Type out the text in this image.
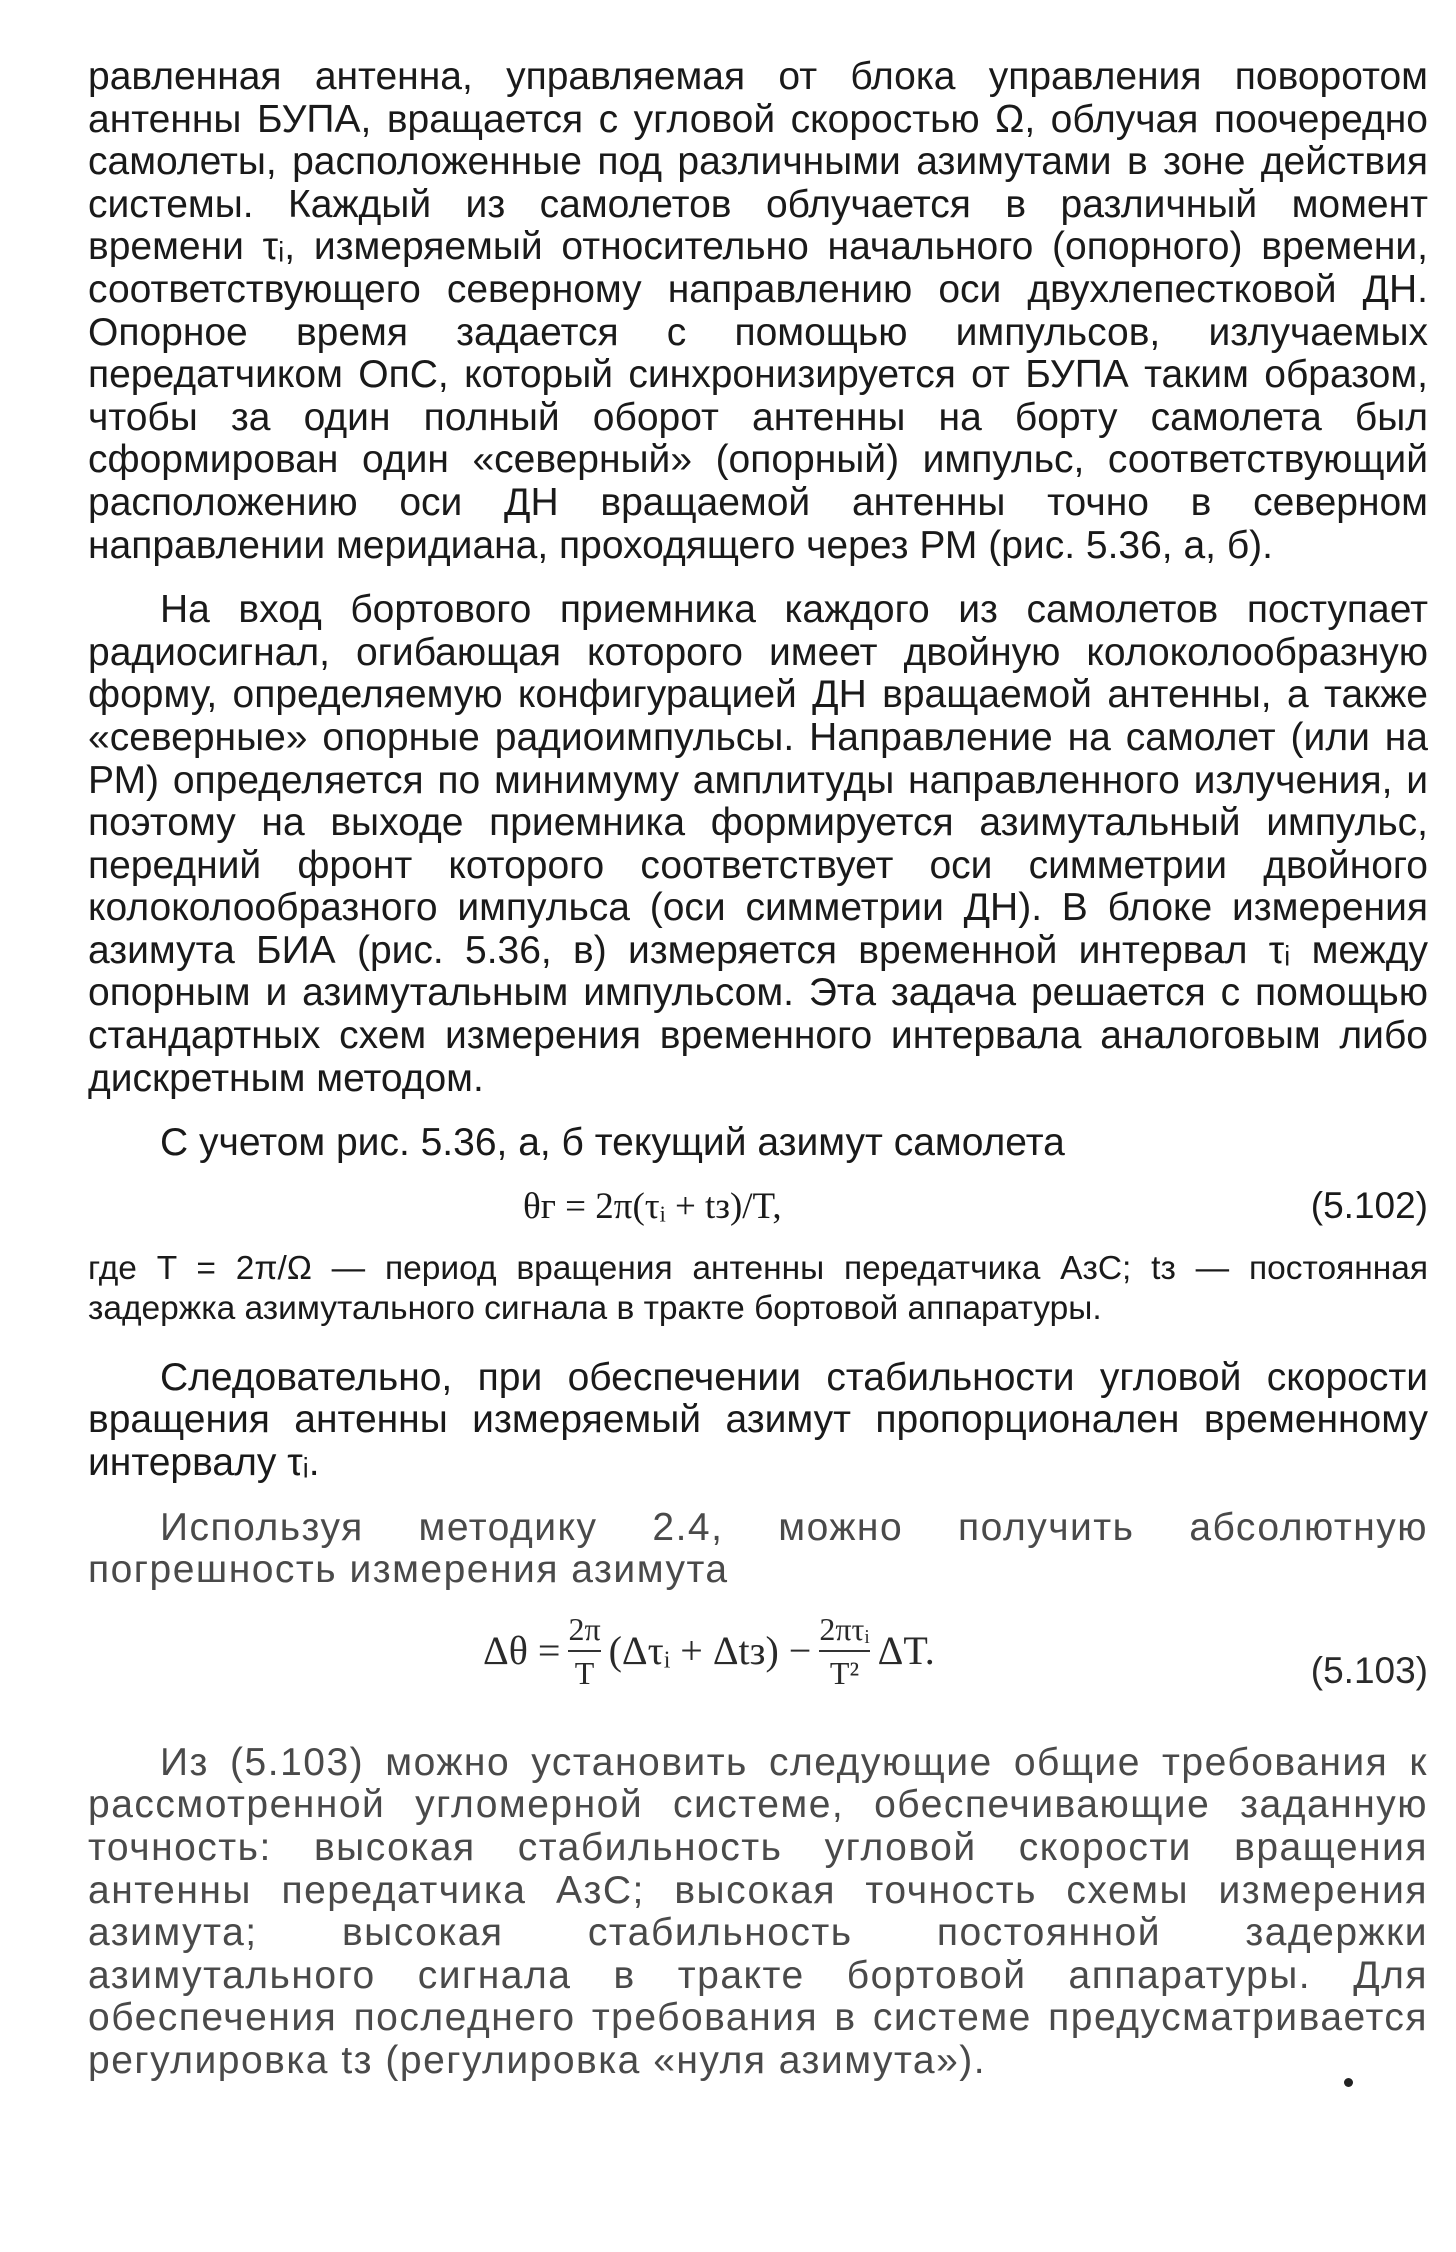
равленная антенна, управляемая от блока управления поворотом антенны БУПА, вращается с угловой скоростью Ω, облучая поочередно самолеты, расположенные под различными азимутами в зоне действия системы. Каждый из самолетов облучается в различный момент времени τᵢ, измеряемый относительно начального (опорного) времени, соответствующего северному направлению оси двухлепестковой ДН. Опорное время задается с помощью импульсов, излучаемых передатчиком ОпС, который синхронизируется от БУПА таким образом, чтобы за один полный оборот антенны на борту самолета был сформирован один «северный» (опорный) импульс, соответствующий расположению оси ДН вращаемой антенны точно в северном направлении меридиана, проходящего через РМ (рис. 5.36, а, б).

На вход бортового приемника каждого из самолетов поступает радиосигнал, огибающая которого имеет двойную колоколообразную форму, определяемую конфигурацией ДН вращаемой антенны, а также «северные» опорные радиоимпульсы. Направление на самолет (или на РМ) определяется по минимуму амплитуды направленного излучения, и поэтому на выходе приемника формируется азимутальный импульс, передний фронт которого соответствует оси симметрии двойного колоколообразного импульса (оси симметрии ДН). В блоке измерения азимута БИА (рис. 5.36, в) измеряется временной интервал τᵢ между опорным и азимутальным импульсом. Эта задача решается с помощью стандартных схем измерения временного интервала аналоговым либо дискретным методом.

С учетом рис. 5.36, а, б текущий азимут самолета

θг = 2π(τᵢ + tз)/T,	(5.102)

где T = 2π/Ω — период вращения антенны передатчика АзС; tз — постоянная задержка азимутального сигнала в тракте бортовой аппаратуры.

Следовательно, при обеспечении стабильности угловой скорости вращения антенны измеряемый азимут пропорционален временному интервалу τᵢ.

Используя методику 2.4, можно получить абсолютную погрешность измерения азимута

$\Delta\theta = \frac{2\pi}{T}$ (Δτᵢ + $\Delta tз) - \frac{\text{2πτᵢ}}{\text{T²}} \Delta T$.	(5.103)

Из (5.103) можно установить следующие общие требования к рассмотренной угломерной системе, обеспечивающие заданную точность: высокая стабильность угловой скорости вращения антенны передатчика АзС; высокая точность схемы измерения азимута; высокая стабильность постоянной задержки азимутального сигнала в тракте бортовой аппаратуры. Для обеспечения последнего требования в системе предусматривается регулировка tз (регулировка «нуля азимута»).
